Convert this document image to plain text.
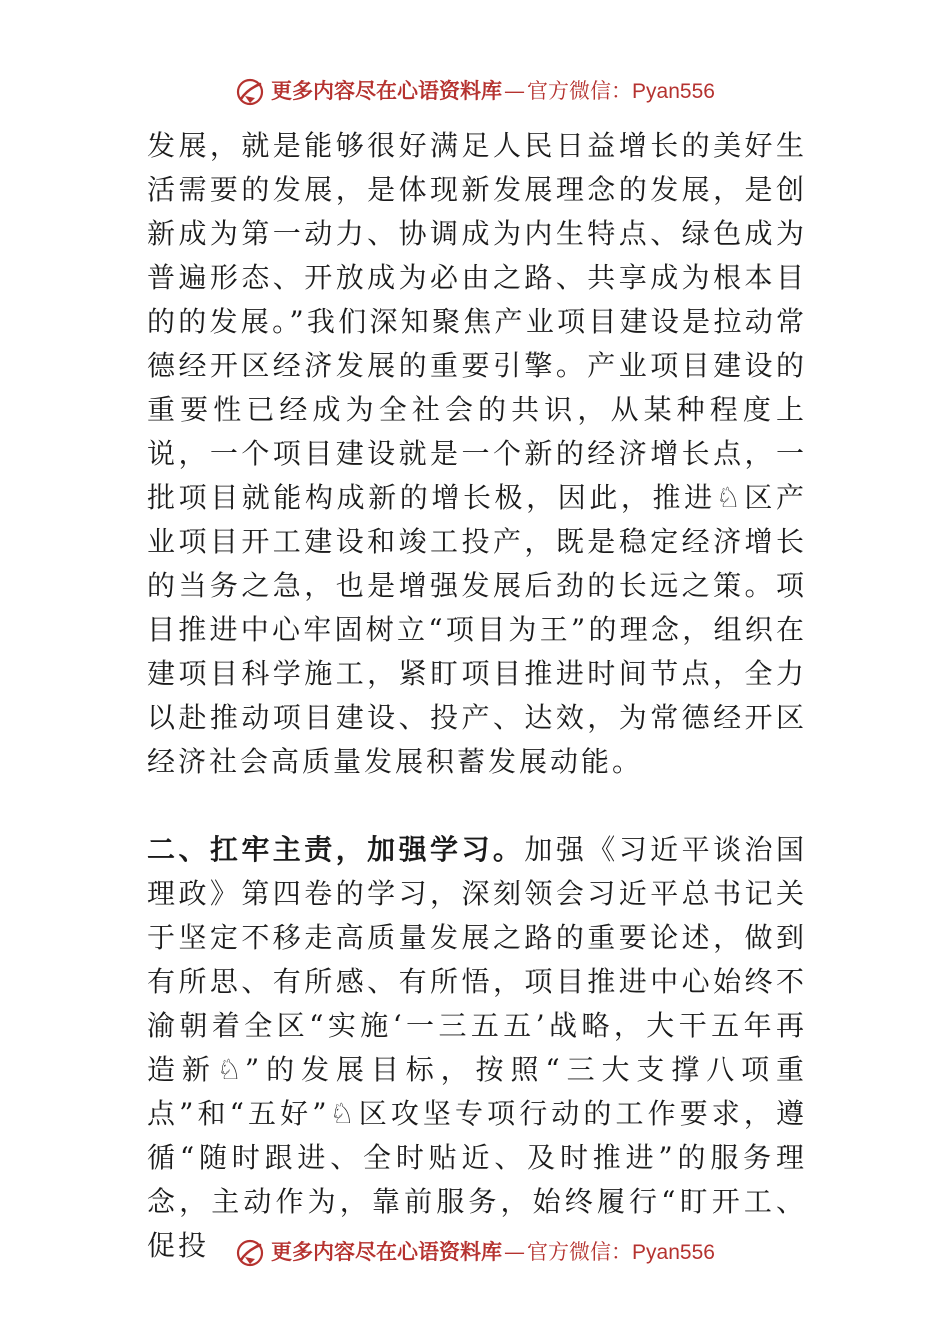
更多内容尽在心语资料库—官方微信：Pyan556

发展，就是能够很好满足人民日益增长的美好生活需要的发展，是体现新发展理念的发展，是创新成为第一动力、协调成为内生特点、绿色成为普遍形态、开放成为必由之路、共享成为根本目的的发展。”我们深知聚焦产业项目建设是拉动常德经开区经济发展的重要引擎。产业项目建设的重要性已经成为全社会的共识，从某种程度上说，一个项目建设就是一个新的经济增长点，一批项目就能构成新的增长极，因此，推进♘区产业项目开工建设和竣工投产，既是稳定经济增长的当务之急，也是增强发展后劲的长远之策。项目推进中心牢固树立“项目为王”的理念，组织在建项目科学施工，紧盯项目推进时间节点，全力以赴推动项目建设、投产、达效，为常德经开区经济社会高质量发展积蓄发展动能。

二、扛牢主责，加强学习。加强《习近平谈治国理政》第四卷的学习，深刻领会习近平总书记关于坚定不移走高质量发展之路的重要论述，做到有所思、有所感、有所悟，项目推进中心始终不渝朝着全区“实施‘一三五五’战略，大干五年再造新♘”的发展目标，按照“三大支撑八项重点”和“五好”♘区攻坚专项行动的工作要求，遵循“随时跟进、全时贴近、及时推进”的服务理念，主动作为，靠前服务，始终履行“盯开工、促投	更多内容尽在心语资料库—官方微信：Pyan556
